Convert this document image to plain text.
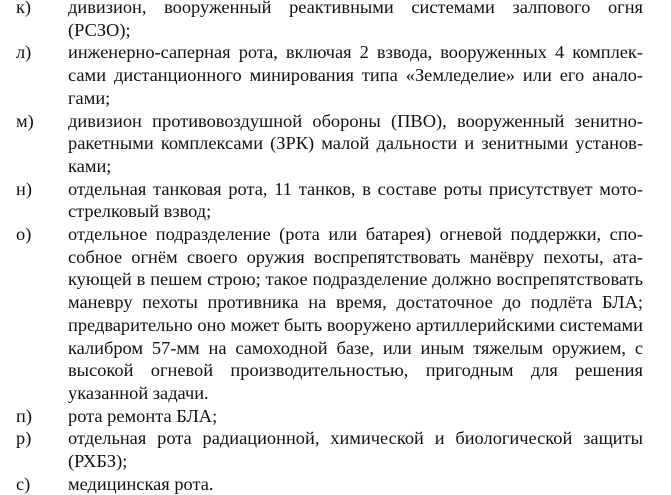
к) дивизион, вооруженный реактивными системами залпового огня (РСЗО);
л) инженерно-саперная рота, включая 2 взвода, вооруженных 4 комплексами дистанционного минирования типа «Земледелие» или его аналогами;
м) дивизион противовоздушной обороны (ПВО), вооруженный зенитно-ракетными комплексами (ЗРК) малой дальности и зенитными установками;
н) отдельная танковая рота, 11 танков, в составе роты присутствует мотострелковый взвод;
о) отдельное подразделение (рота или батарея) огневой поддержки, способное огнём своего оружия воспрепятствовать манёвру пехоты, атакующей в пешем строю; такое подразделение должно воспрепятствовать маневру пехоты противника на время, достаточное до подлёта БЛА; предварительно оно может быть вооружено артиллерийскими системами калибром 57-мм на самоходной базе, или иным тяжелым оружием, с высокой огневой производительностью, пригодным для решения указанной задачи.
п) рота ремонта БЛА;
р) отдельная рота радиационной, химической и биологической защиты (РХБЗ);
с) медицинская рота.
